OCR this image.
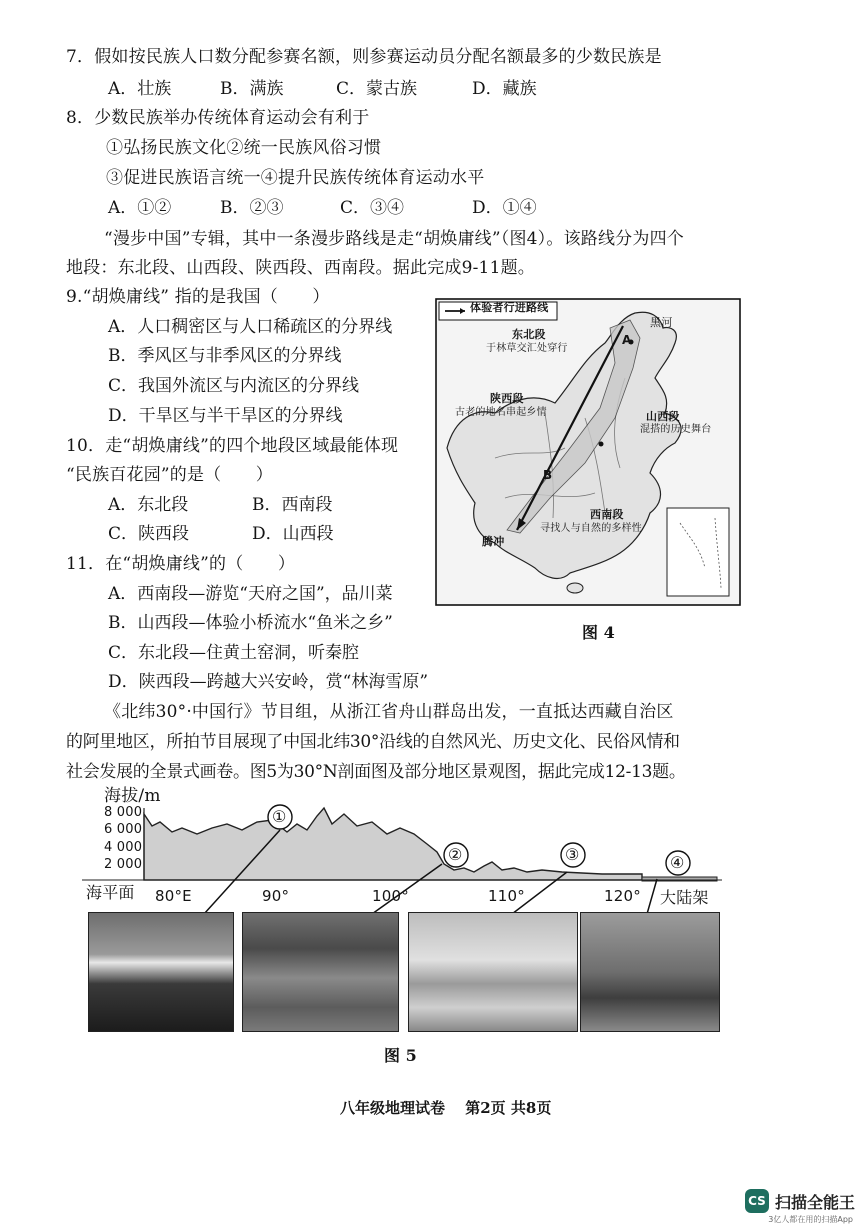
7．假如按民族人口数分配参赛名额，则参赛运动员分配名额最多的少数民族是
A．壮族	B．满族	C．蒙古族	D．藏族
8．少数民族举办传统体育运动会有利于
①弘扬民族文化②统一民族风俗习惯
③促进民族语言统一④提升民族传统体育运动水平
A．①②	B．②③	C．③④	D．①④
“漫步中国”专辑，其中一条漫步路线是走“胡焕庸线”（图4）。该路线分为四个
地段：东北段、山西段、陕西段、西南段。据此完成9-11题。
9.“胡焕庸线” 指的是我国（　　）
A．人口稠密区与人口稀疏区的分界线
B．季风区与非季风区的分界线
C．我国外流区与内流区的分界线
D．干旱区与半干旱区的分界线
10．走“胡焕庸线”的四个地段区域最能体现
“民族百花园”的是（　　）
A．东北段	B．西南段
C．陕西段	D．山西段
11．在“胡焕庸线”的（　　）
A．西南段—游览“天府之国”，品川菜
B．山西段—体验小桥流水“鱼米之乡”
C．东北段—住黄土窑洞，听秦腔
D．陕西段—跨越大兴安岭，赏“林海雪原”
体验者行进路线
黑河
A
东北段
于林草交汇处穿行
陕西段
古老的地名串起乡情	山西段
混搭的历史舞台
B
西南段
寻找人与自然的多样性
腾冲
图 4
《北纬30°·中国行》节目组，从浙江省舟山群岛出发，一直抵达西藏自治区
的阿里地区，所拍节目展现了中国北纬30°沿线的自然风光、历史文化、民俗风情和
社会发展的全景式画卷。图5为30°N剖面图及部分地区景观图，据此完成12-13题。
海拔/m
8 000
6 000
4 000
2 000
海平面 80°E	90°	100°	110°	120°
①
②	③	④
大陆架
图 5
八年级地理试卷　 第2页 共8页
CS 扫描全能王
3亿人都在用的扫描App
